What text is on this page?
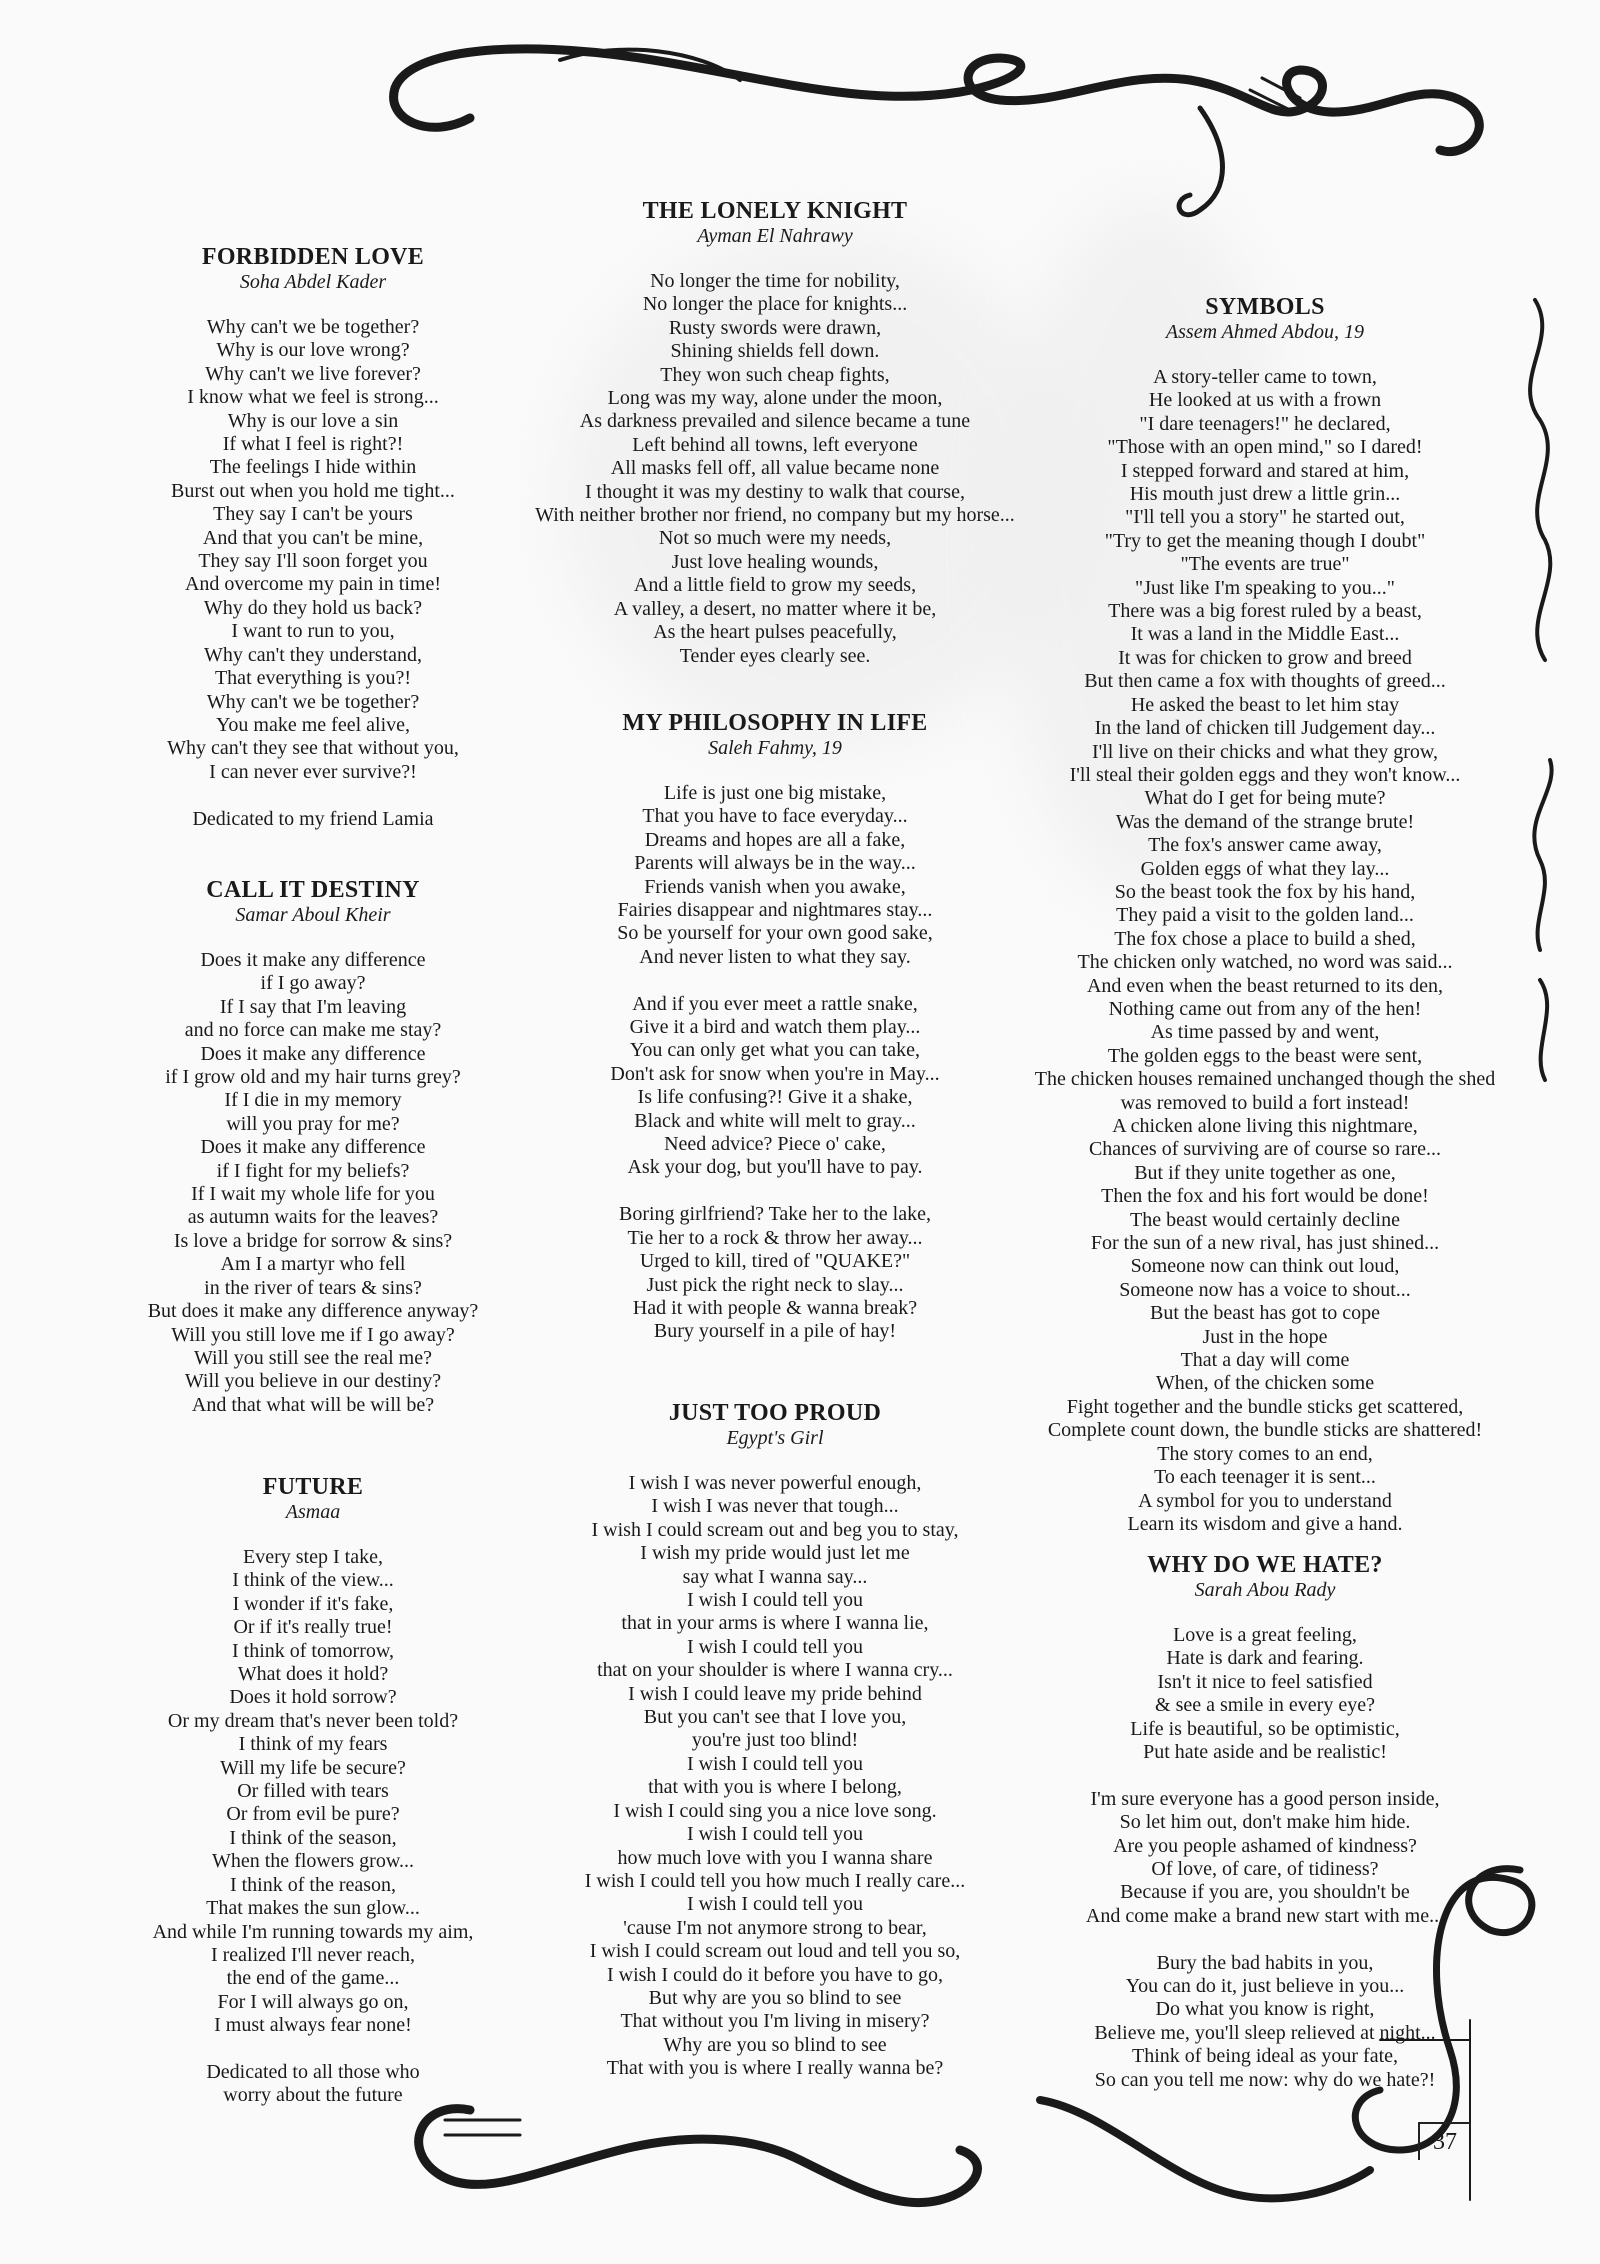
FORBIDDEN LOVE
Soha Abdel Kader
Why can't we be together?
Why is our love wrong?
Why can't we live forever?
I know what we feel is strong...
Why is our love a sin
If what I feel is right?!
The feelings I hide within
Burst out when you hold me tight...
They say I can't be yours
And that you can't be mine,
They say I'll soon forget you
And overcome my pain in time!
Why do they hold us back?
I want to run to you,
Why can't they understand,
That everything is you?!
Why can't we be together?
You make me feel alive,
Why can't they see that without you,
I can never ever survive?!
Dedicated to my friend Lamia
CALL IT DESTINY
Samar Aboul Kheir
Does it make any difference
if I go away?
If I say that I'm leaving
and no force can make me stay?
Does it make any difference
if I grow old and my hair turns grey?
If I die in my memory
will you pray for me?
Does it make any difference
if I fight for my beliefs?
If I wait my whole life for you
as autumn waits for the leaves?
Is love a bridge for sorrow & sins?
Am I a martyr who fell
in the river of tears & sins?
But does it make any difference anyway?
Will you still love me if I go away?
Will you still see the real me?
Will you believe in our destiny?
And that what will be will be?
FUTURE
Asmaa
Every step I take,
I think of the view...
I wonder if it's fake,
Or if it's really true!
I think of tomorrow,
What does it hold?
Does it hold sorrow?
Or my dream that's never been told?
I think of my fears
Will my life be secure?
Or filled with tears
Or from evil be pure?
I think of the season,
When the flowers grow...
I think of the reason,
That makes the sun glow...
And while I'm running towards my aim,
I realized I'll never reach,
the end of the game...
For I will always go on,
I must always fear none!
Dedicated to all those who
worry about the future
THE LONELY KNIGHT
Ayman El Nahrawy
No longer the time for nobility,
No longer the place for knights...
Rusty swords were drawn,
Shining shields fell down.
They won such cheap fights,
Long was my way, alone under the moon,
As darkness prevailed and silence became a tune
Left behind all towns, left everyone
All masks fell off, all value became none
I thought it was my destiny to walk that course,
With neither brother nor friend, no company but my horse...
Not so much were my needs,
Just love healing wounds,
And a little field to grow my seeds,
A valley, a desert, no matter where it be,
As the heart pulses peacefully,
Tender eyes clearly see.
MY PHILOSOPHY IN LIFE
Saleh Fahmy, 19
Life is just one big mistake,
That you have to face everyday...
Dreams and hopes are all a fake,
Parents will always be in the way...
Friends vanish when you awake,
Fairies disappear and nightmares stay...
So be yourself for your own good sake,
And never listen to what they say.
And if you ever meet a rattle snake,
Give it a bird and watch them play...
You can only get what you can take,
Don't ask for snow when you're in May...
Is life confusing?! Give it a shake,
Black and white will melt to gray...
Need advice? Piece o' cake,
Ask your dog, but you'll have to pay.
Boring girlfriend? Take her to the lake,
Tie her to a rock & throw her away...
Urged to kill, tired of "QUAKE?"
Just pick the right neck to slay...
Had it with people & wanna break?
Bury yourself in a pile of hay!
JUST TOO PROUD
Egypt's Girl
I wish I was never powerful enough,
I wish I was never that tough...
I wish I could scream out and beg you to stay,
I wish my pride would just let me
say what I wanna say...
I wish I could tell you
that in your arms is where I wanna lie,
I wish I could tell you
that on your shoulder is where I wanna cry...
I wish I could leave my pride behind
But you can't see that I love you,
you're just too blind!
I wish I could tell you
that with you is where I belong,
I wish I could sing you a nice love song.
I wish I could tell you
how much love with you I wanna share
I wish I could tell you how much I really care...
I wish I could tell you
'cause I'm not anymore strong to bear,
I wish I could scream out loud and tell you so,
I wish I could do it before you have to go,
But why are you so blind to see
That without you I'm living in misery?
Why are you so blind to see
That with you is where I really wanna be?
SYMBOLS
Assem Ahmed Abdou, 19
A story-teller came to town,
He looked at us with a frown
"I dare teenagers!" he declared,
"Those with an open mind," so I dared!
I stepped forward and stared at him,
His mouth just drew a little grin...
"I'll tell you a story" he started out,
"Try to get the meaning though I doubt"
"The events are true"
"Just like I'm speaking to you..."
There was a big forest ruled by a beast,
It was a land in the Middle East...
It was for chicken to grow and breed
But then came a fox with thoughts of greed...
He asked the beast to let him stay
In the land of chicken till Judgement day...
I'll live on their chicks and what they grow,
I'll steal their golden eggs and they won't know...
What do I get for being mute?
Was the demand of the strange brute!
The fox's answer came away,
Golden eggs of what they lay...
So the beast took the fox by his hand,
They paid a visit to the golden land...
The fox chose a place to build a shed,
The chicken only watched, no word was said...
And even when the beast returned to its den,
Nothing came out from any of the hen!
As time passed by and went,
The golden eggs to the beast were sent,
The chicken houses remained unchanged though the shed
was removed to build a fort instead!
A chicken alone living this nightmare,
Chances of surviving are of course so rare...
But if they unite together as one,
Then the fox and his fort would be done!
The beast would certainly decline
For the sun of a new rival, has just shined...
Someone now can think out loud,
Someone now has a voice to shout...
But the beast has got to cope
Just in the hope
That a day will come
When, of the chicken some
Fight together and the bundle sticks get scattered,
Complete count down, the bundle sticks are shattered!
The story comes to an end,
To each teenager it is sent...
A symbol for you to understand
Learn its wisdom and give a hand.
WHY DO WE HATE?
Sarah Abou Rady
Love is a great feeling,
Hate is dark and fearing.
Isn't it nice to feel satisfied
& see a smile in every eye?
Life is beautiful, so be optimistic,
Put hate aside and be realistic!
I'm sure everyone has a good person inside,
So let him out, don't make him hide.
Are you people ashamed of kindness?
Of love, of care, of tidiness?
Because if you are, you shouldn't be
And come make a brand new start with me...
Bury the bad habits in you,
You can do it, just believe in you...
Do what you know is right,
Believe me, you'll sleep relieved at night...
Think of being ideal as your fate,
So can you tell me now: why do we hate?!
37
